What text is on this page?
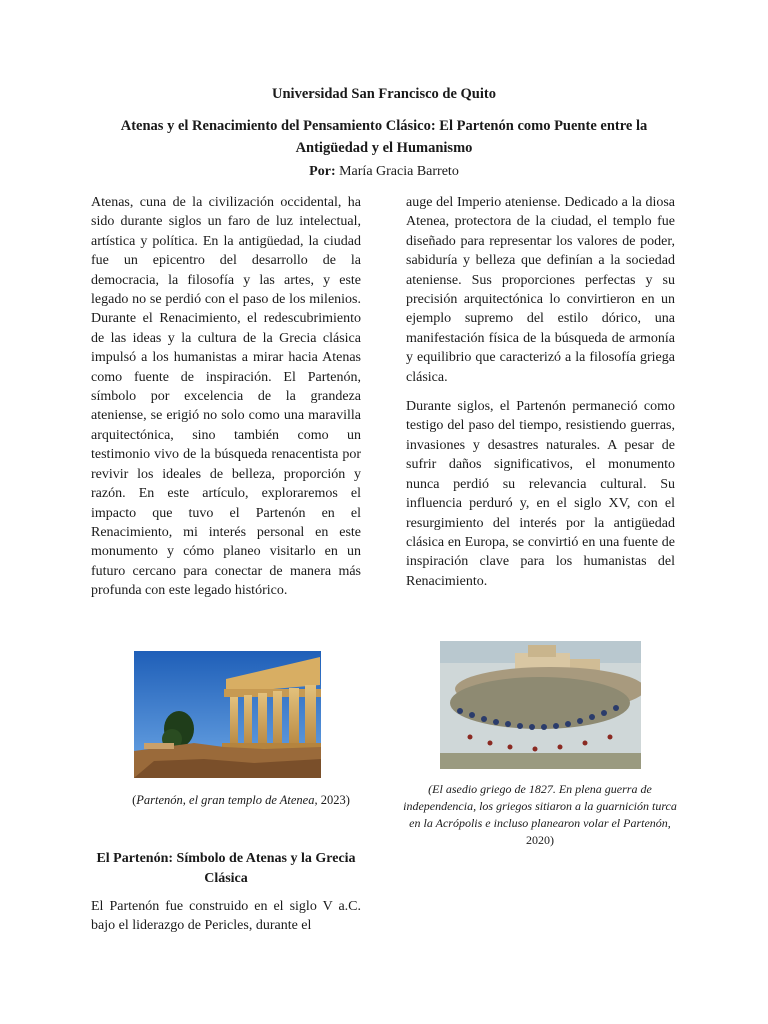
Universidad San Francisco de Quito
Atenas y el Renacimiento del Pensamiento Clásico: El Partenón como Puente entre la Antigüedad y el Humanismo
Por: María Gracia Barreto

Atenas, cuna de la civilización occidental, ha sido durante siglos un faro de luz intelectual, artística y política. En la antigüedad, la ciudad fue un epicentro del desarrollo de la democracia, la filosofía y las artes, y este legado no se perdió con el paso de los milenios. Durante el Renacimiento, el redescubrimiento de las ideas y la cultura de la Grecia clásica impulsó a los humanistas a mirar hacia Atenas como fuente de inspiración. El Partenón, símbolo por excelencia de la grandeza ateniense, se erigió no solo como una maravilla arquitectónica, sino también como un testimonio vivo de la búsqueda renacentista por revivir los ideales de belleza, proporción y razón. En este artículo, exploraremos el impacto que tuvo el Partenón en el Renacimiento, mi interés personal en este monumento y cómo planeo visitarlo en un futuro cercano para conectar de manera más profunda con este legado histórico.

auge del Imperio ateniense. Dedicado a la diosa Atenea, protectora de la ciudad, el templo fue diseñado para representar los valores de poder, sabiduría y belleza que definían a la sociedad ateniense. Sus proporciones perfectas y su precisión arquitectónica lo convirtieron en un ejemplo supremo del estilo dórico, una manifestación física de la búsqueda de armonía y equilibrio que caracterizó a la filosofía griega clásica.

Durante siglos, el Partenón permaneció como testigo del paso del tiempo, resistiendo guerras, invasiones y desastres naturales. A pesar de sufrir daños significativos, el monumento nunca perdió su relevancia cultural. Su influencia perduró y, en el siglo XV, con el resurgimiento del interés por la antigüedad clásica en Europa, se convirtió en una fuente de inspiración clave para los humanistas del Renacimiento.

(Partenón, el gran templo de Atenea, 2023)
(El asedio griego de 1827. En plena guerra de independencia, los griegos sitiaron a la guarnición turca en la Acrópolis e incluso planearon volar el Partenón, 2020)
El Partenón: Símbolo de Atenas y la Grecia Clásica

El Partenón fue construido en el siglo V a.C. bajo el liderazgo de Pericles, durante el
